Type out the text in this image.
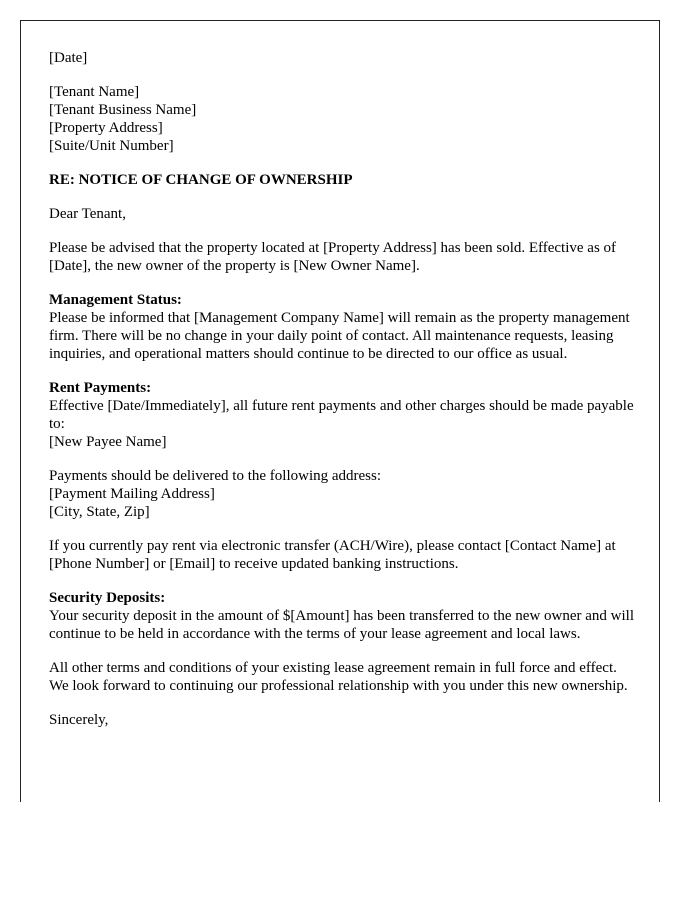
[Date]
[Tenant Name]
[Tenant Business Name]
[Property Address]
[Suite/Unit Number]
RE: NOTICE OF CHANGE OF OWNERSHIP
Dear Tenant,
Please be advised that the property located at [Property Address] has been sold. Effective as of [Date], the new owner of the property is [New Owner Name].
Management Status:
Please be informed that [Management Company Name] will remain as the property management firm. There will be no change in your daily point of contact. All maintenance requests, leasing inquiries, and operational matters should continue to be directed to our office as usual.
Rent Payments:
Effective [Date/Immediately], all future rent payments and other charges should be made payable to:
[New Payee Name]
Payments should be delivered to the following address:
[Payment Mailing Address]
[City, State, Zip]
If you currently pay rent via electronic transfer (ACH/Wire), please contact [Contact Name] at [Phone Number] or [Email] to receive updated banking instructions.
Security Deposits:
Your security deposit in the amount of $[Amount] has been transferred to the new owner and will continue to be held in accordance with the terms of your lease agreement and local laws.
All other terms and conditions of your existing lease agreement remain in full force and effect. We look forward to continuing our professional relationship with you under this new ownership.
Sincerely,
